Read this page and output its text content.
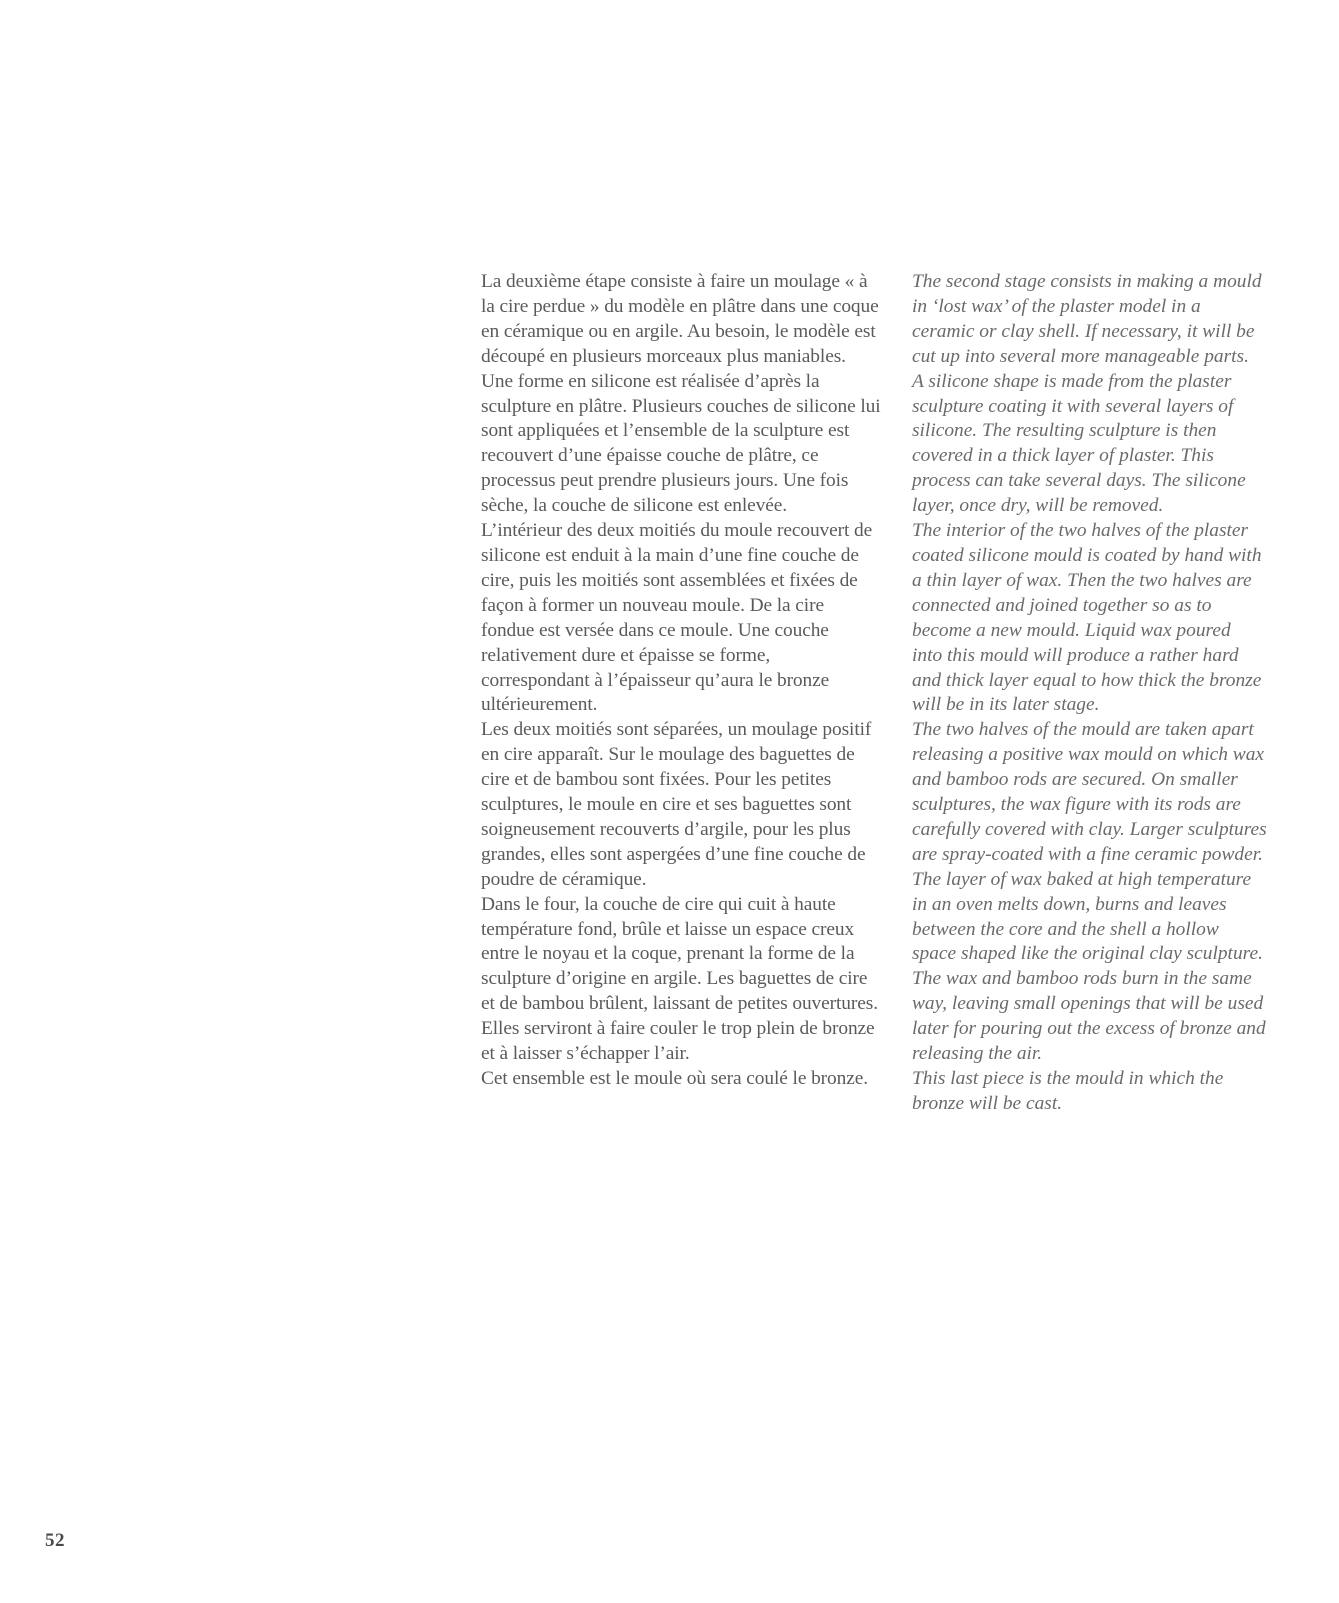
La deuxième étape consiste à faire un moulage « à la cire perdue » du modèle en plâtre dans une coque en céramique ou en argile. Au besoin, le modèle est découpé en plusieurs morceaux plus maniables.

Une forme en silicone est réalisée d’après la sculpture en plâtre. Plusieurs couches de silicone lui sont appliquées et l’ensemble de la sculpture est recouvert d’une épaisse couche de plâtre, ce processus peut prendre plusieurs jours. Une fois sèche, la couche de silicone est enlevée.

L’intérieur des deux moitiés du moule recouvert de silicone est enduit à la main d’une fine couche de cire, puis les moitiés sont assemblées et fixées de façon à former un nouveau moule. De la cire fondue est versée dans ce moule. Une couche relativement dure et épaisse se forme, correspondant à l’épaisseur qu’aura le bronze ultérieurement.

Les deux moitiés sont séparées, un moulage positif en cire apparaît. Sur le moulage des baguettes de cire et de bambou sont fixées. Pour les petites sculptures, le moule en cire et ses baguettes sont soigneusement recouverts d’argile, pour les plus grandes, elles sont aspergées d’une fine couche de poudre de céramique.

Dans le four, la couche de cire qui cuit à haute température fond, brûle et laisse un espace creux entre le noyau et la coque, prenant la forme de la sculpture d’origine en argile. Les baguettes de cire et de bambou brûlent, laissant de petites ouvertures. Elles serviront à faire couler le trop plein de bronze et à laisser s’échapper l’air.

Cet ensemble est le moule où sera coulé le bronze.

The second stage consists in making a mould

in ‘lost wax’ of the plaster model in a

ceramic or clay shell. If necessary, it will be

cut up into several more manageable parts.

A silicone shape is made from the plaster

sculpture coating it with several layers of

silicone. The resulting sculpture is then

covered in a thick layer of plaster. This

process can take several days. The silicone

layer, once dry, will be removed.

The interior of the two halves of the plaster

coated silicone mould is coated by hand with

a thin layer of wax. Then the two halves are

connected and joined together so as to

become a new mould. Liquid wax poured

into this mould will produce a rather hard

and thick layer equal to how thick the bronze

will be in its later stage.

The two halves of the mould are taken apart

releasing a positive wax mould on which wax

and bamboo rods are secured. On smaller

sculptures, the wax figure with its rods are

carefully covered with clay. Larger sculptures

are spray-coated with a fine ceramic powder.

The layer of wax baked at high temperature

in an oven melts down, burns and leaves

between the core and the shell a hollow

space shaped like the original clay sculpture.

The wax and bamboo rods burn in the same

way, leaving small openings that will be used

later for pouring out the excess of bronze and

releasing the air.

This last piece is the mould in which the

bronze will be cast.

52
